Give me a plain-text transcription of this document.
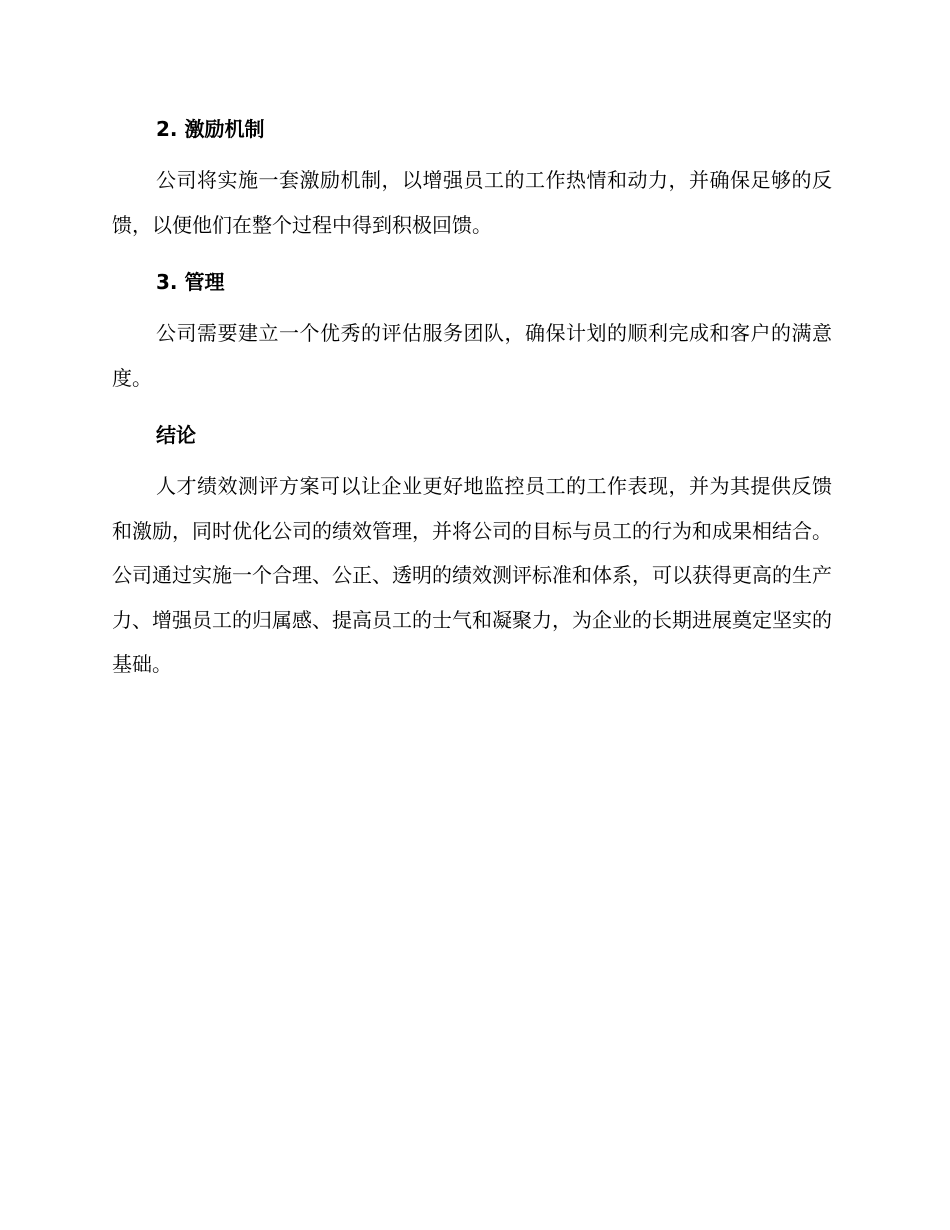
2. 激励机制

公司将实施一套激励机制，以增强员工的工作热情和动力，并确保足够的反馈，以便他们在整个过程中得到积极回馈。

3. 管理

公司需要建立一个优秀的评估服务团队，确保计划的顺利完成和客户的满意度。

结论

人才绩效测评方案可以让企业更好地监控员工的工作表现，并为其提供反馈和激励，同时优化公司的绩效管理，并将公司的目标与员工的行为和成果相结合。公司通过实施一个合理、公正、透明的绩效测评标准和体系，可以获得更高的生产力、增强员工的归属感、提高员工的士气和凝聚力，为企业的长期进展奠定坚实的基础。
